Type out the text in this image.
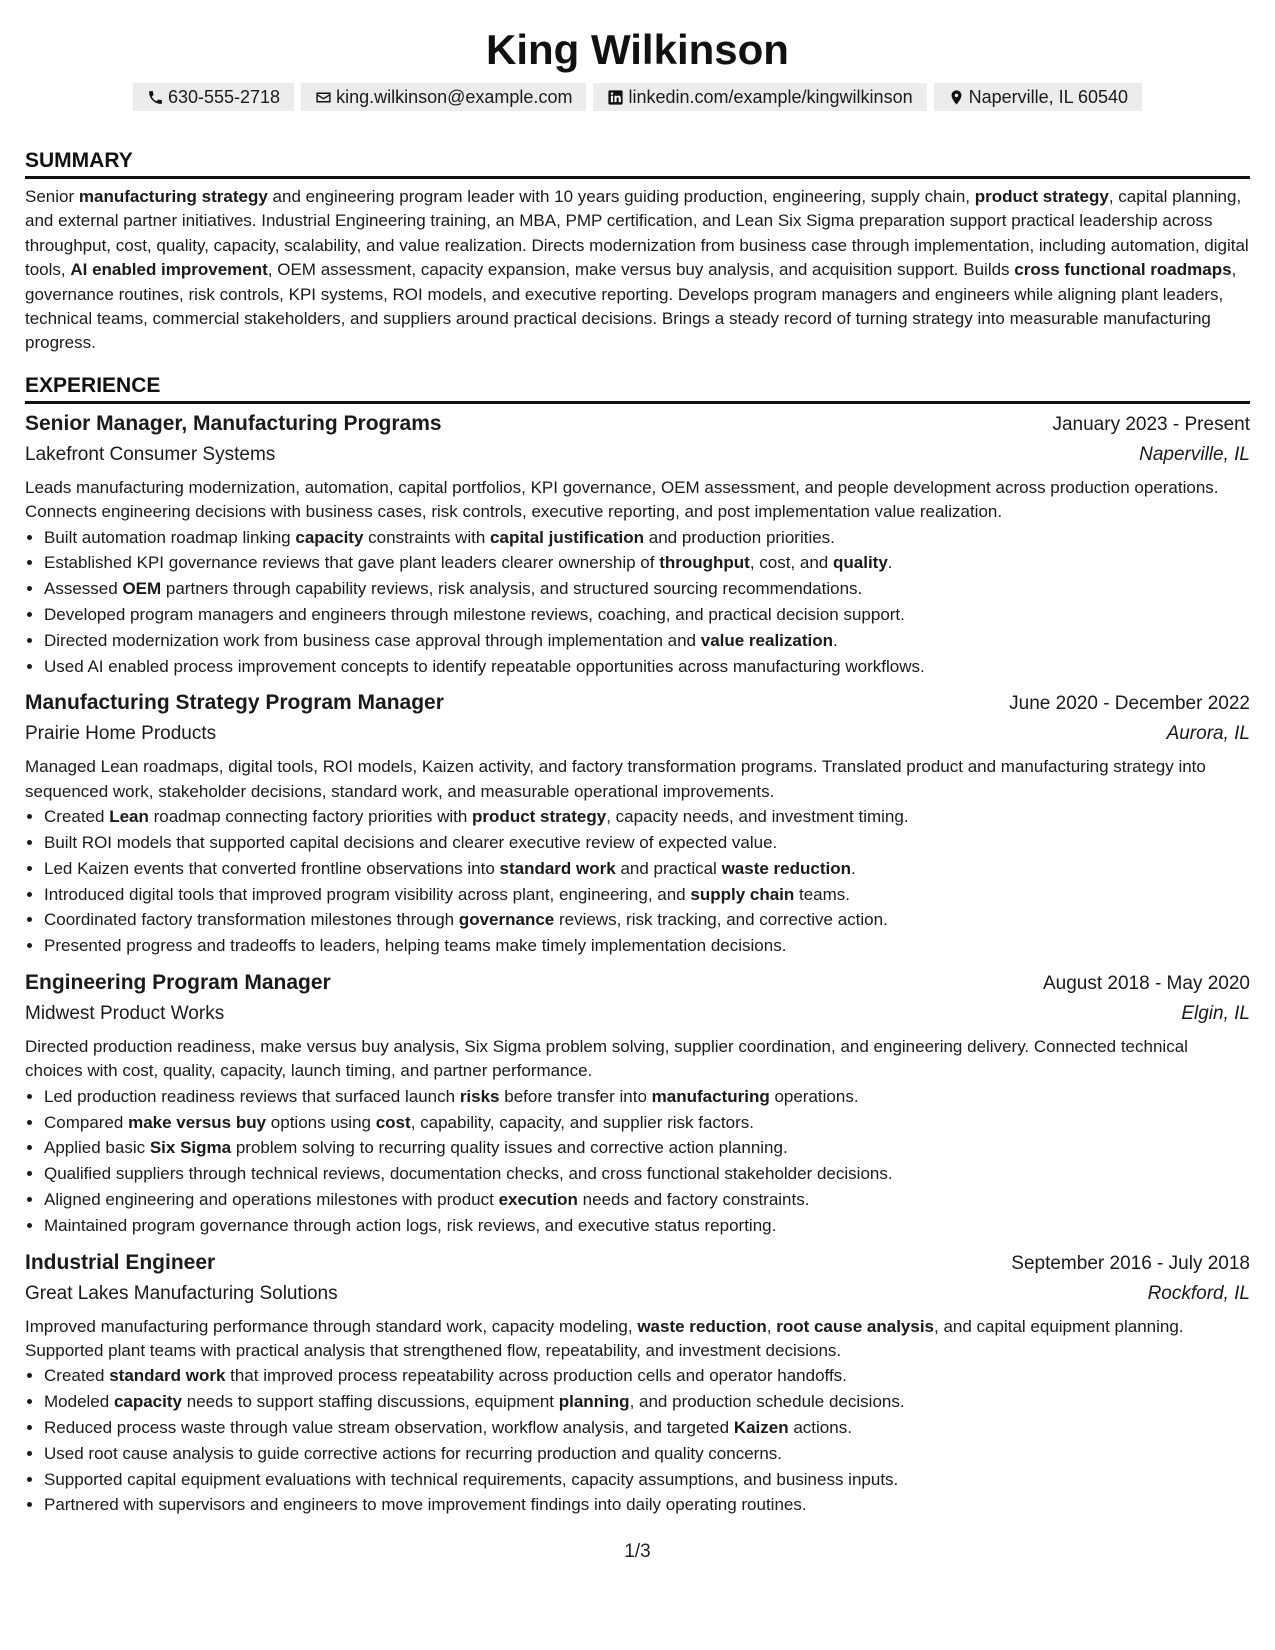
King Wilkinson
630-555-2718	king.wilkinson@example.com	linkedin.com/example/kingwilkinson	Naperville, IL 60540
SUMMARY

Senior manufacturing strategy and engineering program leader with 10 years guiding production, engineering, supply chain, product strategy, capital planning, and external partner initiatives. Industrial Engineering training, an MBA, PMP certification, and Lean Six Sigma preparation support practical leadership across throughput, cost, quality, capacity, scalability, and value realization. Directs modernization from business case through implementation, including automation, digital tools, AI enabled improvement, OEM assessment, capacity expansion, make versus buy analysis, and acquisition support. Builds cross functional roadmaps, governance routines, risk controls, KPI systems, ROI models, and executive reporting. Develops program managers and engineers while aligning plant leaders, technical teams, commercial stakeholders, and suppliers around practical decisions. Brings a steady record of turning strategy into measurable manufacturing progress.

EXPERIENCE
Senior Manager, Manufacturing Programs	January 2023 - Present
Lakefront Consumer Systems	Naperville, IL

Leads manufacturing modernization, automation, capital portfolios, KPI governance, OEM assessment, and people development across production operations. Connects engineering decisions with business cases, risk controls, executive reporting, and post implementation value realization.

• Built automation roadmap linking capacity constraints with capital justification and production priorities.
• Established KPI governance reviews that gave plant leaders clearer ownership of throughput, cost, and quality.
• Assessed OEM partners through capability reviews, risk analysis, and structured sourcing recommendations.
• Developed program managers and engineers through milestone reviews, coaching, and practical decision support.
• Directed modernization work from business case approval through implementation and value realization.
• Used AI enabled process improvement concepts to identify repeatable opportunities across manufacturing workflows.
Manufacturing Strategy Program Manager	June 2020 - December 2022
Prairie Home Products	Aurora, IL

Managed Lean roadmaps, digital tools, ROI models, Kaizen activity, and factory transformation programs. Translated product and manufacturing strategy into sequenced work, stakeholder decisions, standard work, and measurable operational improvements.

• Created Lean roadmap connecting factory priorities with product strategy, capacity needs, and investment timing.
• Built ROI models that supported capital decisions and clearer executive review of expected value.
• Led Kaizen events that converted frontline observations into standard work and practical waste reduction.
• Introduced digital tools that improved program visibility across plant, engineering, and supply chain teams.
• Coordinated factory transformation milestones through governance reviews, risk tracking, and corrective action.
• Presented progress and tradeoffs to leaders, helping teams make timely implementation decisions.
Engineering Program Manager	August 2018 - May 2020
Midwest Product Works	Elgin, IL

Directed production readiness, make versus buy analysis, Six Sigma problem solving, supplier coordination, and engineering delivery. Connected technical choices with cost, quality, capacity, launch timing, and partner performance.

• Led production readiness reviews that surfaced launch risks before transfer into manufacturing operations.
• Compared make versus buy options using cost, capability, capacity, and supplier risk factors.
• Applied basic Six Sigma problem solving to recurring quality issues and corrective action planning.
• Qualified suppliers through technical reviews, documentation checks, and cross functional stakeholder decisions.
• Aligned engineering and operations milestones with product execution needs and factory constraints.
• Maintained program governance through action logs, risk reviews, and executive status reporting.
Industrial Engineer	September 2016 - July 2018
Great Lakes Manufacturing Solutions	Rockford, IL

Improved manufacturing performance through standard work, capacity modeling, waste reduction, root cause analysis, and capital equipment planning. Supported plant teams with practical analysis that strengthened flow, repeatability, and investment decisions.

• Created standard work that improved process repeatability across production cells and operator handoffs.
• Modeled capacity needs to support staffing discussions, equipment planning, and production schedule decisions.
• Reduced process waste through value stream observation, workflow analysis, and targeted Kaizen actions.
• Used root cause analysis to guide corrective actions for recurring production and quality concerns.
• Supported capital equipment evaluations with technical requirements, capacity assumptions, and business inputs.
• Partnered with supervisors and engineers to move improvement findings into daily operating routines.
1/3
